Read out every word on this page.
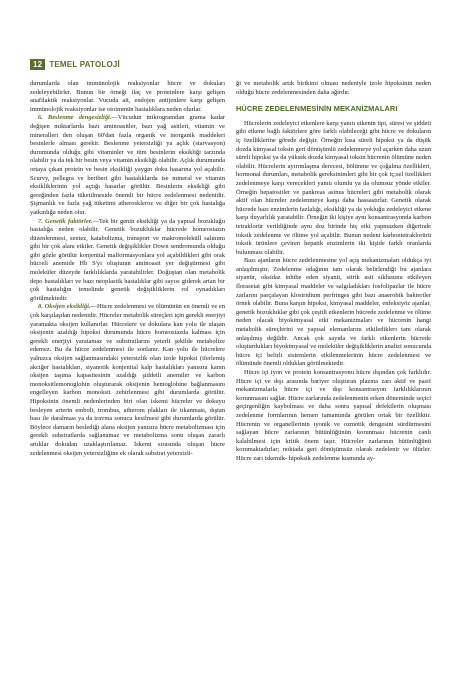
12 TEMEL PATOLOJİ

durumlarda olan immünolojik reaksiyonlar hücre ve dokuları zedeleyebilirler. Bunun bir örneği ilaç ve proteinlere karşı gelişen anafilaktik reaksiyonlar. Vucuda ait, endojen antijenlere karşı gelişen immünolojik reaksiyonlar ise otoimmün hastalıklara neden olurlar.

6. Beslenme dengesizliği.—Vücudun mikrogramdan grama kadar değişen miktarlarda bazı aminoasitler, bazı yağ asitleri, vitamin ve mineralleri den oluşan 60'dan fazla organik ve inorganik maddeleri besinlerle alması gerekir. Beslenme yetersizliği ya açlık (starvasyon) durumunda olduğu gibi vitaminler ve tüm besinlerin eksikliği tarzında olabilir ya da tek bir besin veya vitamin eksikliği olabilir. Açlık durumunda ortaya çıkan protein ve besin eksikliği yaygın doku hasarına yol açabilir. Scurvy, pellegra ve beriberi gibi hastalıklarda ise mineral ve vitamin eksikliklerinin yol açtığı hasarlar görülür. Besinlerin eksikliği gibi gereğinden fazla tüketilmeside önemli bir hücre zedelenmesi nedenidir. Şişmanlık ve fazla yağ tüketimi atheroskleroz ve diğer bir çok hastalığa yatkınlığa neden olur.

7. Genetik faktörler.—Tek bir genin eksikliği ya da yapısal bozukluğu hastalığa neden olabilir. Genetik bozukluklar hücrede homeostazın düzenlenmesi, sentez, katabolizma, transport ve makromoleküll salınımı gibi bir çok alanı etkiler. Genetik değişiklikler Down sendromunda olduğu gibi gözle görülür konjenital malformasyonlara yol açabildikleri gibi orak hücreli anemide Hb S'yi oluşturan aminoasit yer değiştirmesi gibi moleküler düzeyde farklılıklarda yaratabilirler. Doğuştan olan metabolik depo hastalıkları ve bazı neoplastik hastalıklar gibi sayısı giderek artan bir çok hastalığın temelinde genetik değişikliklerin rol oynadıkları görülmektedir.

8. Oksijen eksikliği.—Hücre zedelenmesi ve ölümünün en önemli ve en çok karşılaşılan nedenidir. Hücreler metabolik süreçleri için gerekli enerjiyi yaramakta oksijen kullanırlar. Hücrelere ve dokulara kan yolu ile ulaşan oksijenin azaldığı hipoksi durumunda hücre homeostazda kalması için gerekli enerjiyi yaratamaz ve substratlarını yeterli şekilde metabolize edemez. Bu da hücre zedelenmesi ile sonlanır. Kan yolu ile hücrelere yalnızca oksijen sağlanmasındaki yetersizlik olan izole hipoksi (iferlemiş akciğer hastalıkları, siyanotik konjenital kalp hastalıkları yanısıra kanın oksijen taşıma kapasitesinin azaldığı şiddetli anemiler ve karbon monoksitlemonoglobin oluşturarak oksijenin hemoglobine bağlanmasını engelleyen karbon monoksit zehirlenmesi gibi durumlarda görülür. Hipoksinin önemli nedenlerinden biri olan iskemi hücreler ve dokuyu besleyen arterin emboli, trombus, atherom plakları ile tıkanması, dıştan bası ile daralması ya da travma sonucu kesilmesi gibi durumlarda görülür. Böylece damarın beslediği alana oksijen yanısıra hücre metabolizması için gerekli substratlarda sağlanamaz ve metabolizma sonu oluşan zararlı artıklar dokudan uzaklaştırılamaz. İskemi sırasında oluşan hücre zedelenmesi oksijen yetersizliğine ek olarak substrat yetersizli-

ği ve metabolik artık birikimi olması nedeniyle izole hipoksinin neden olduğu hücre zedelenmesinden daha ağırdır.

HÜCRE ZEDELENMESİNİN MEKANİZMALARI

Hücrelerin zedeleyici etkenlere karşı yanıtı etkenin tipi, süresi ve şiddeti gibi etkene bağlı faktörlere göre farklı olabileceği gibi hücre ve dokuların iç özelliklerine görede değişir. Örneğin kısa süreli hipoksi ya da düşük dozda kimyasal toksin geri dönüşümlü zedelenmeye yol açarken daha uzun süreli hipoksi ya da yüksek dozda kimyasal toksin hücrenin ölümüne neden olabilir. Hücrelerin ayırımlaşma derecesi, bölünme ve çoğalma özellikleri, hormonal durumları, metabolik gereksinimleri gibi bir çok iç;sel özellikleri zedelenmeye karşı verecekleri yanıtı olumlu ya da olumsuz yönde etkiler. Örneğin hepatositler ve pankreas asinus hücreleri gibi metabolik olarak aktif olan hücreler zedelenmeye karşı daha hassastırlar. Genetik olarak hücrede bazı enzimlerin fazlalığı, eksikliği ya da yokluğu zedeleyici etkene karşı duyarlılık yaratabilir. Örneğin iki kişiye aynı konsantrasyonda karbon tetraklorür verildiğinde aynı doz birinde hiç etki yapmazken diğerinde toksik zedelenme ve ölüme yol açabilir. Bunun nedeni karbontetraklorürü toksik ürünlere çeviren hepatik enzimlerin iki kişide farklı oranlarda bulunması olabilir.

Bazı ajanların hücre zedelenmesine yol açış mekanizmaları oldukça iyi anlaşılmıştır. Zedelenme odağının tam olarak belirlendiği bu ajanlara siyanür, oksidaz inhibe eden siyanit, sitrik asit siklusunu etkileyen florasetat gibi kimyasal maddeler ve salgıladıkları fosfolipazlar ile hücre zarlarını parçalayan klostridium perfringes gibi bazı anaerobik bakteriler örnek olabilir. Buna karşın hipoksi, kimyasal maddeler, enfeksiyöz ajanlar, genetik bozukluklar gibi çok çeşitli etkenlerin hücrede zedelenme ve ölüme neden olacak biyokimyasal etki mekanizmaları ve hücrenin hangi metabolik süreçlerini ve yapısal elemanlarını etkilediklerı tam olarak anlaşılmış değildir. Ancak çok sayıda ve farklı etkenlerin hücrede oluşturdukları biyokimyasal ve moleküler değişikliklerin analizi sonucunda hücre içi belirli sistemlerin etkilenmelerinin hücre zedelenmesi ve ölümünde önemli olduklan görülmektedir.

Hücre içi iyon ve protein konsantrasyonu hücre dışından çok farklıdır. Hücre içi ve dışı arasında bariyer oluşturan plazma zarı aktif ve pasif mekanizmalarla hücre içi ve dışı konsantrasyon farklılıklarının korunmasını sağlar. Hücre zarlarında zedelenmenin erken döneminde seçici geçirgenliğin kaybolması ve daha sonra yapısal defektlerin oluşması zedelenme formlarının hemen tamamında görülen ortak bir özelliktir. Hücrenin ve organellerinin iyonik ve ozmotik dengesini sürdürmesini sağlayan hücre zarlarının bütünlüğünün korunması hücrenin canlı kalabilmesi için kritik önem taşır. Hücreler zarlarının bütünlüğünü korumaktadırlar; noktada geri dönüşümsüz olarak zedelenir ve ölürler. Hücre zarı iskemik- hipoksik zedelenme kısmında ay-
